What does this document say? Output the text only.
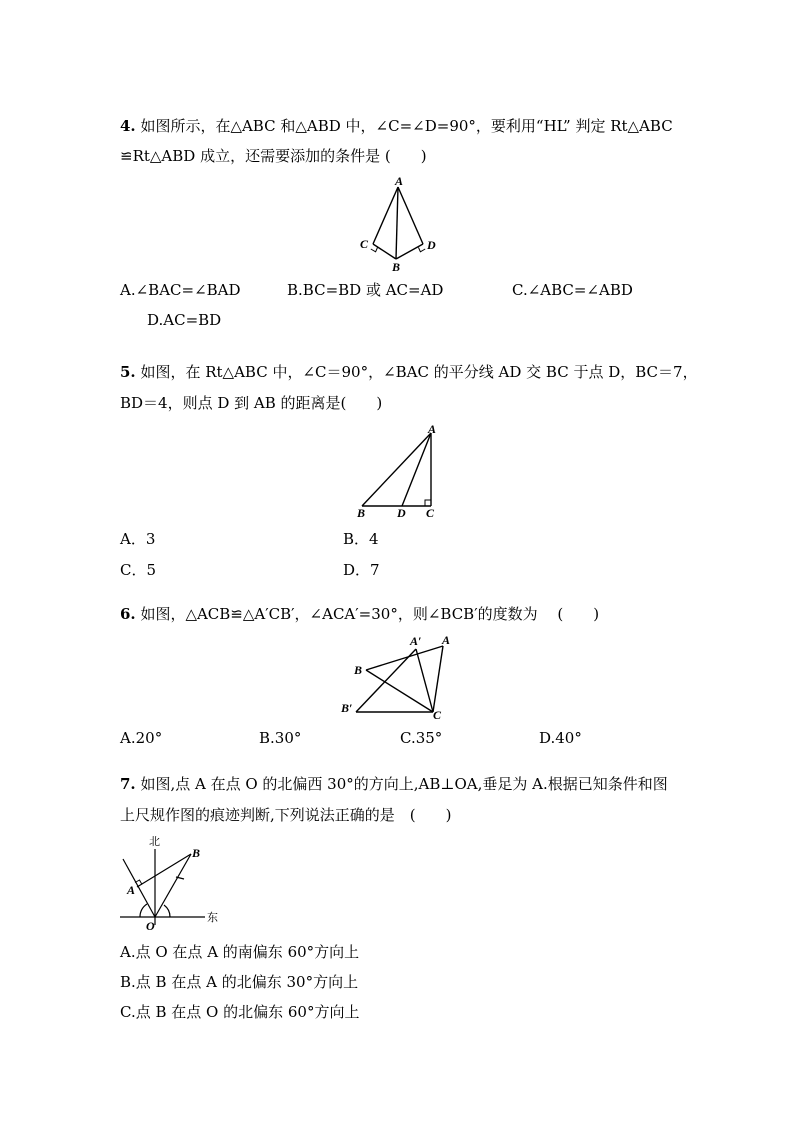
4. 如图所示，在△ABC 和△ABD 中，∠C=∠D=90°，要利用“HL” 判定 Rt△ABC
≌Rt△ABD 成立，还需要添加的条件是 (　　)
A
C	D
B
A.∠BAC=∠BAD	B.BC=BD 或 AC=AD	C.∠ABC=∠ABD
D.AC=BD
5. 如图，在 Rt△ABC 中，∠C＝90°，∠BAC 的平分线 AD 交 BC 于点 D，BC＝7，
BD＝4，则点 D 到 AB 的距离是(　　)
A
B	D C
A．3	B．4
C．5	D．7
6. 如图，△ACB≌△A′CB′，∠ACA′=30°，则∠BCB′的度数为　 (　　)
A
A′
B
B′	C
A.20°	B.30°	C.35°	D.40°
7. 如图,点 A 在点 O 的北偏西 30°的方向上,AB⊥OA,垂足为 A.根据已知条件和图
上尺规作图的痕迹判断,下列说法正确的是　(　　)
北
东
A
B
O
A.点 O 在点 A 的南偏东 60°方向上
B.点 B 在点 A 的北偏东 30°方向上
C.点 B 在点 O 的北偏东 60°方向上
